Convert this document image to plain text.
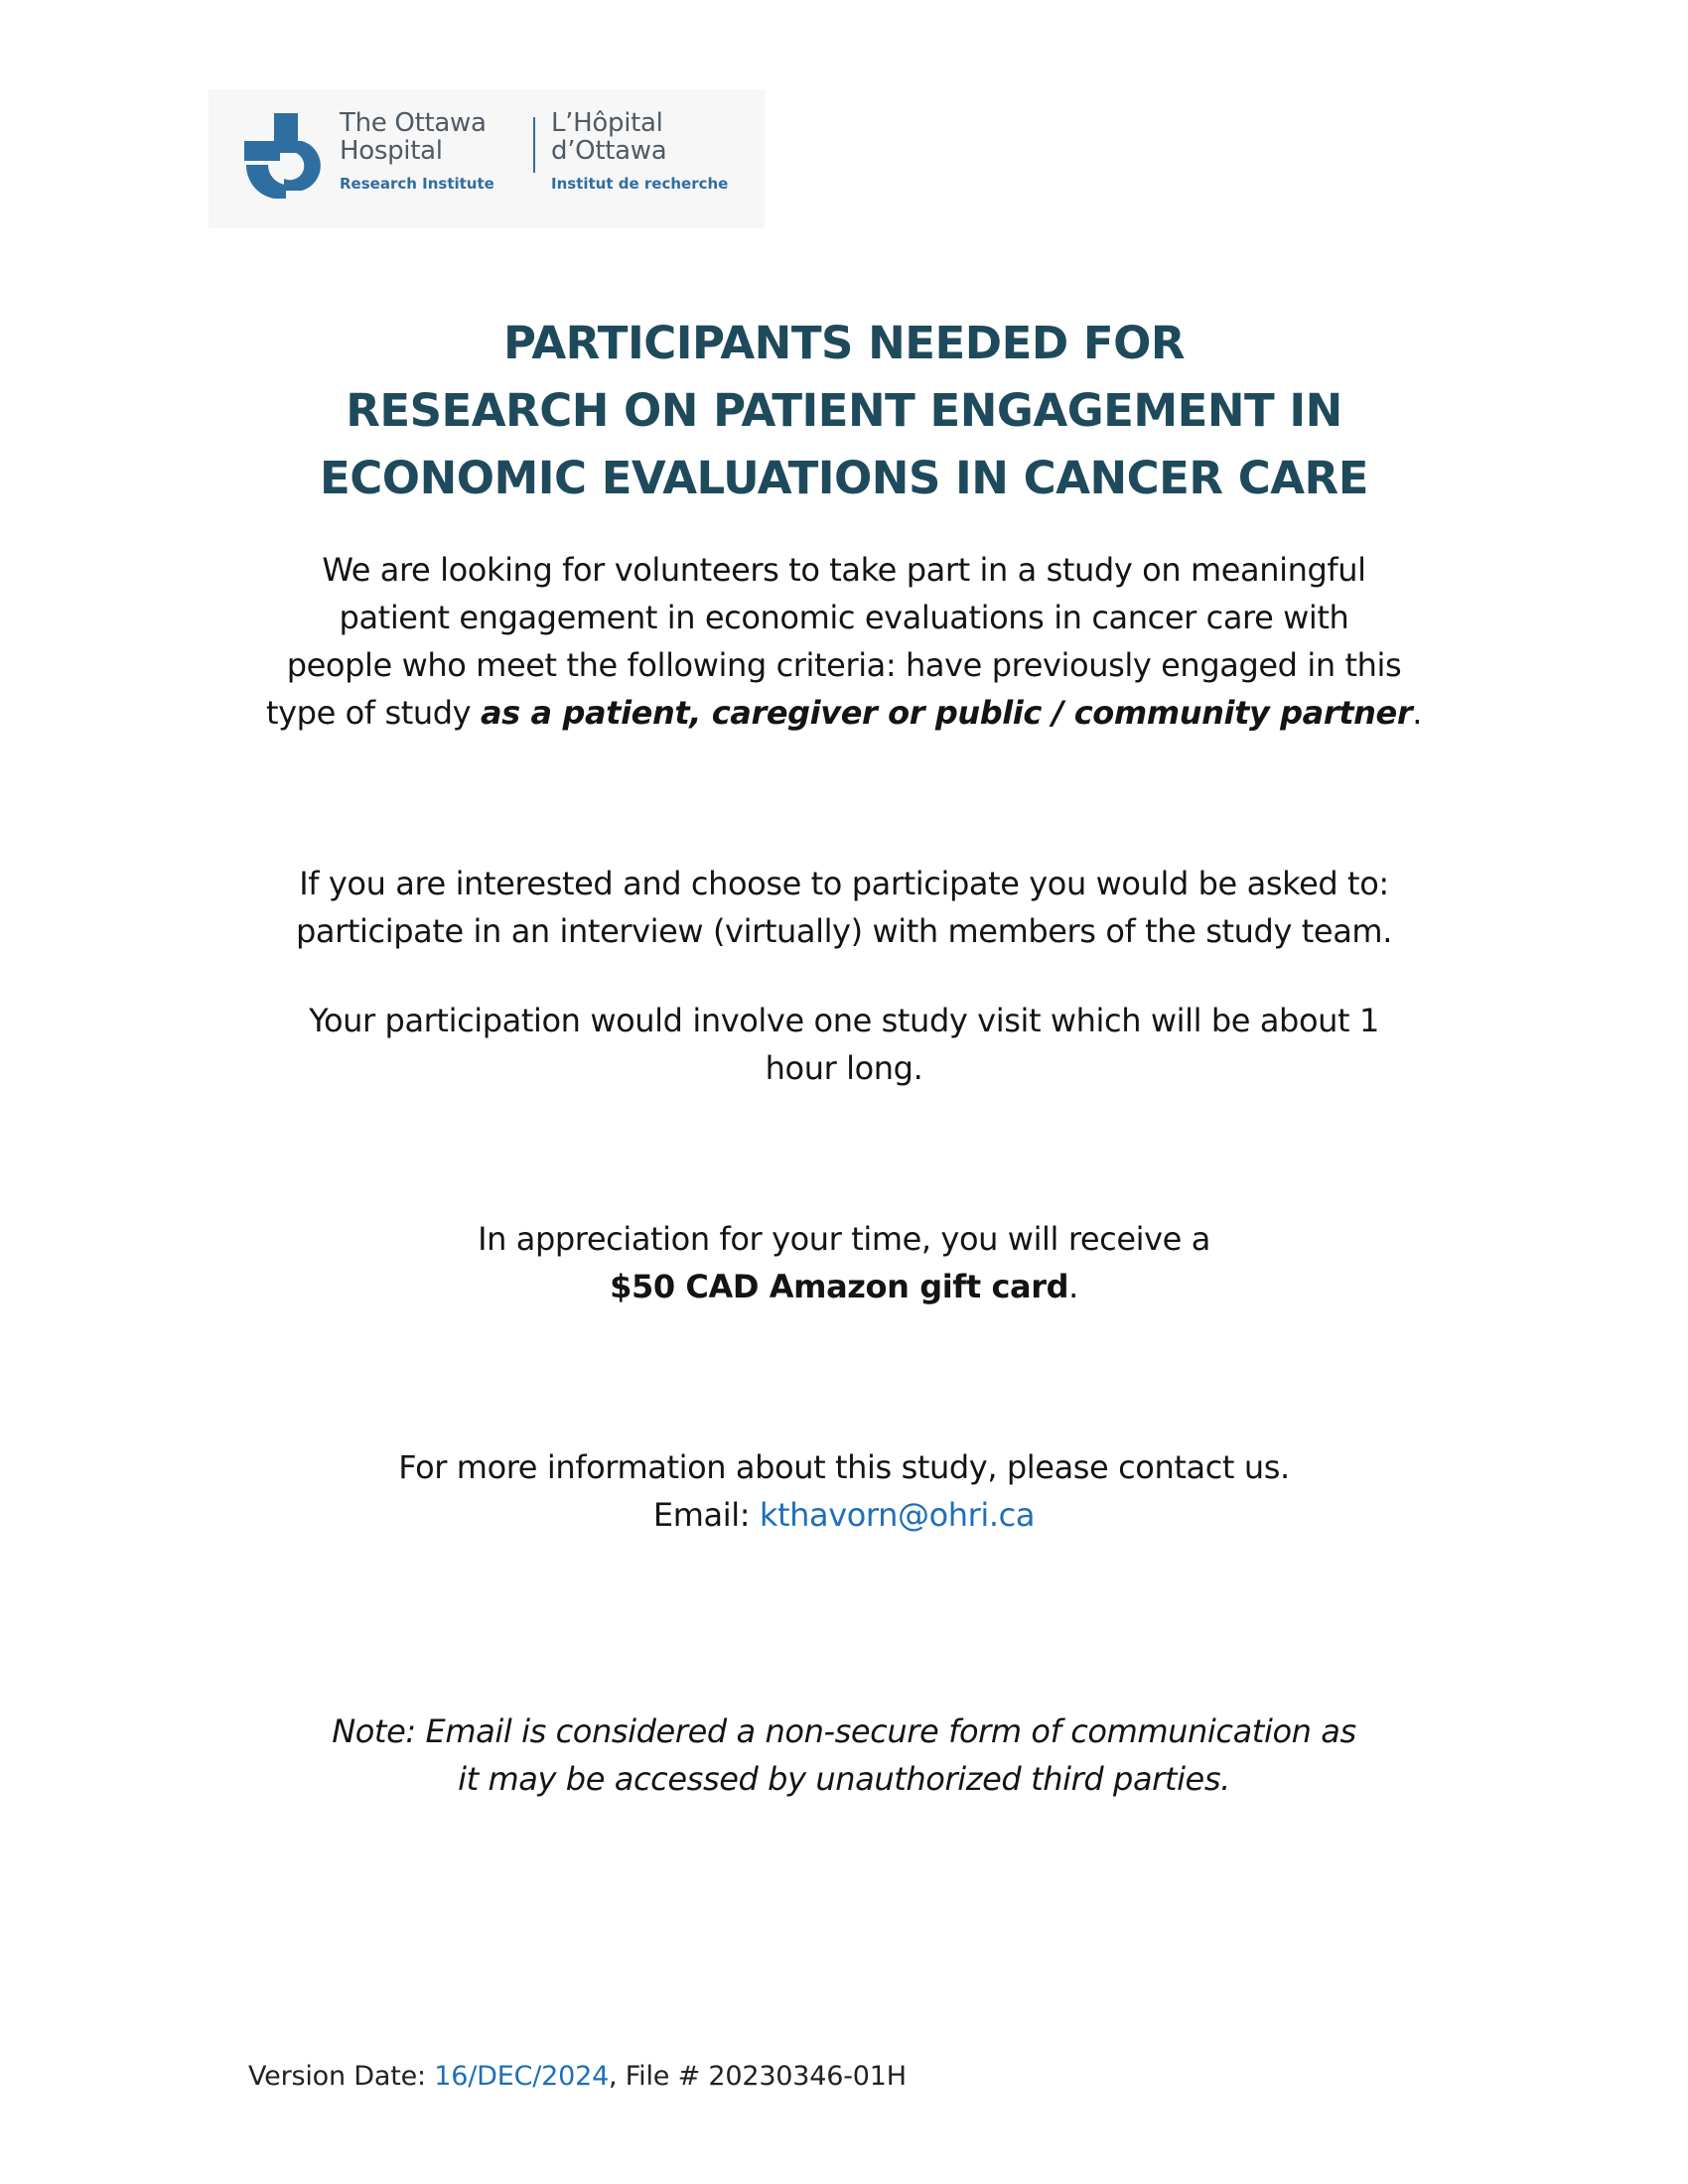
The Ottawa
Hospital
Research Institute
L’Hôpital
d’Ottawa
Institut de recherche
PARTICIPANTS NEEDED FOR
RESEARCH ON PATIENT ENGAGEMENT IN
ECONOMIC EVALUATIONS IN CANCER CARE

We are looking for volunteers to take part in a study on meaningful
patient engagement in economic evaluations in cancer care with
people who meet the following criteria: have previously engaged in this
type of study as a patient, caregiver or public / community partner.

If you are interested and choose to participate you would be asked to:
participate in an interview (virtually) with members of the study team.

Your participation would involve one study visit which will be about 1
hour long.

In appreciation for your time, you will receive a
$50 CAD Amazon gift card.

For more information about this study, please contact us.
Email: kthavorn@ohri.ca

Note: Email is considered a non-secure form of communication as
it may be accessed by unauthorized third parties.

Version Date: 16/DEC/2024, File # 20230346-01H
